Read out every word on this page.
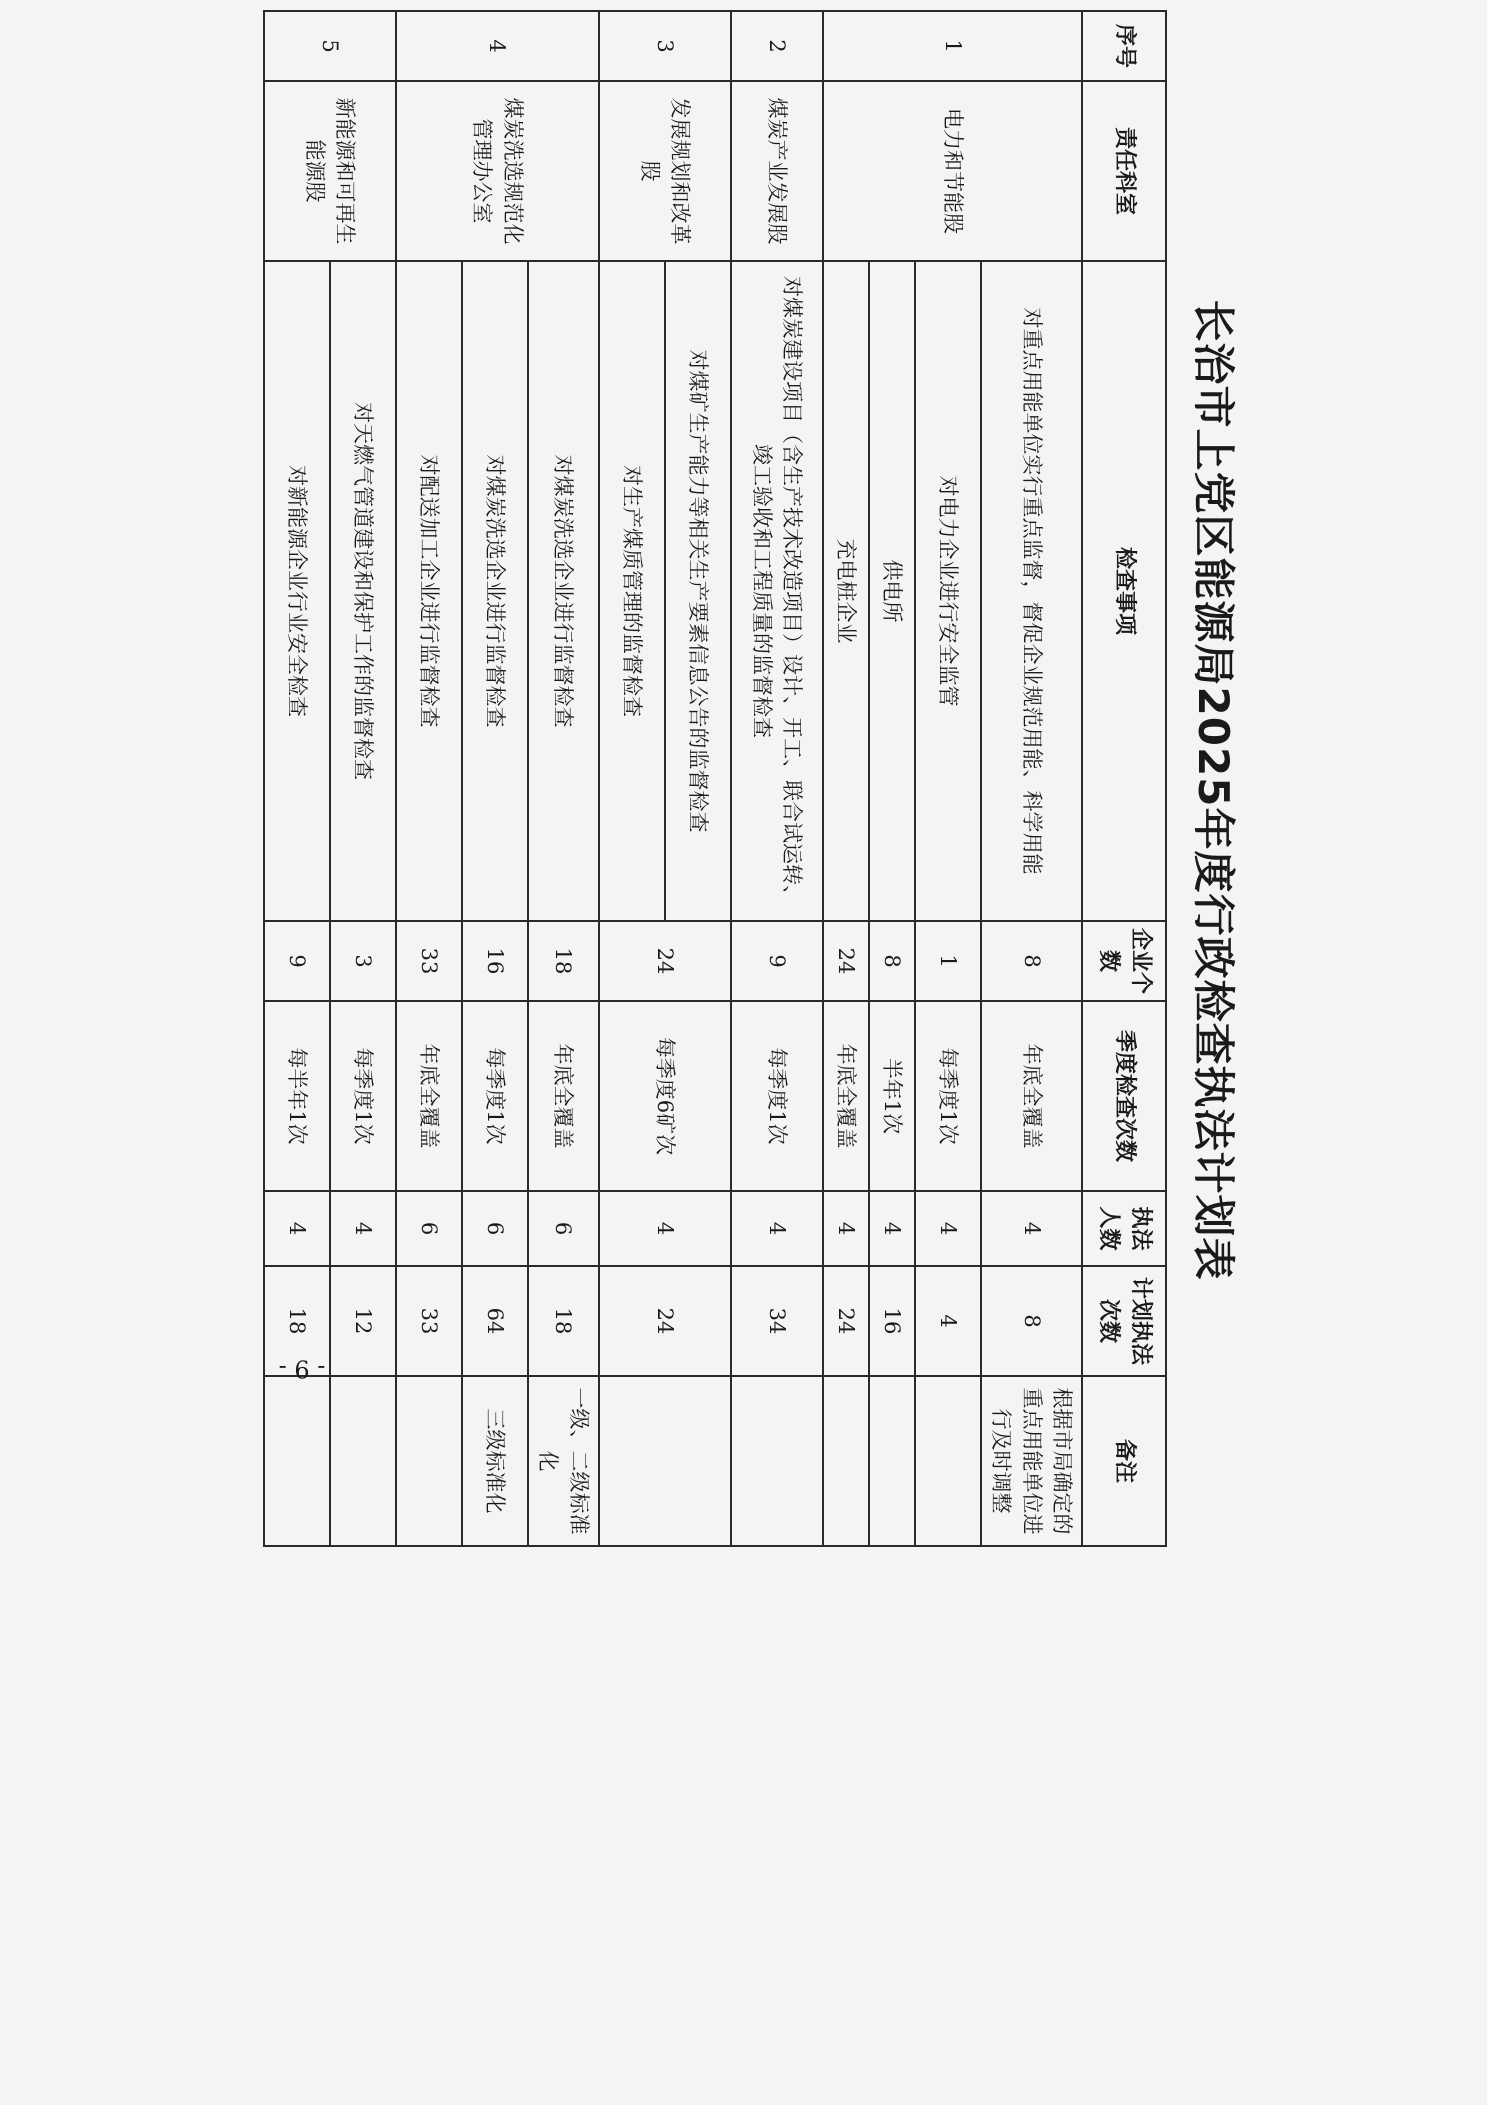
长治市上党区能源局2025年度行政检查执法计划表
序号	责任科室	检查事项	企业个数	季度检查次数	执法人数	计划执法次数	备注
1	电力和节能股	对重点用能单位实行重点监督，督促企业规范用能、科学用能	8	年底全覆盖	4	8	根据市局确定的重点用能单位进行及时调整
		对电力企业进行安全监管	1	每季度1次	4	4	
		供电所	8	半年1次	4	16	
		充电桩企业	24	年底全覆盖	4	24	
2	煤炭产业发展股	对煤炭建设项目（含生产技术改造项目）设计、开工、联合试运转、竣工验收和工程质量的监督检查	9	每季度1次	4	34	
3	发展规划和改革股	对煤矿生产能力等相关生产要素信息公告的监督检查	24	每季度6矿次	4	24	
		对生产煤质管理的监督检查					
4	煤炭洗选规范化管理办公室	对煤炭洗选企业进行监督检查	18	年底全覆盖	6	18	一级、二级标准化
		对煤炭洗选企业进行监督检查	16	每季度1次	6	64	三级标准化
		对配送加工企业进行监督检查	33	年底全覆盖	6	33	
5	新能源和可再生能源股	对天燃气管道建设和保护工作的监督检查	3	每季度1次	4	12	
		对新能源企业行业安全检查	9	每半年1次	4	18	
- 9 -
